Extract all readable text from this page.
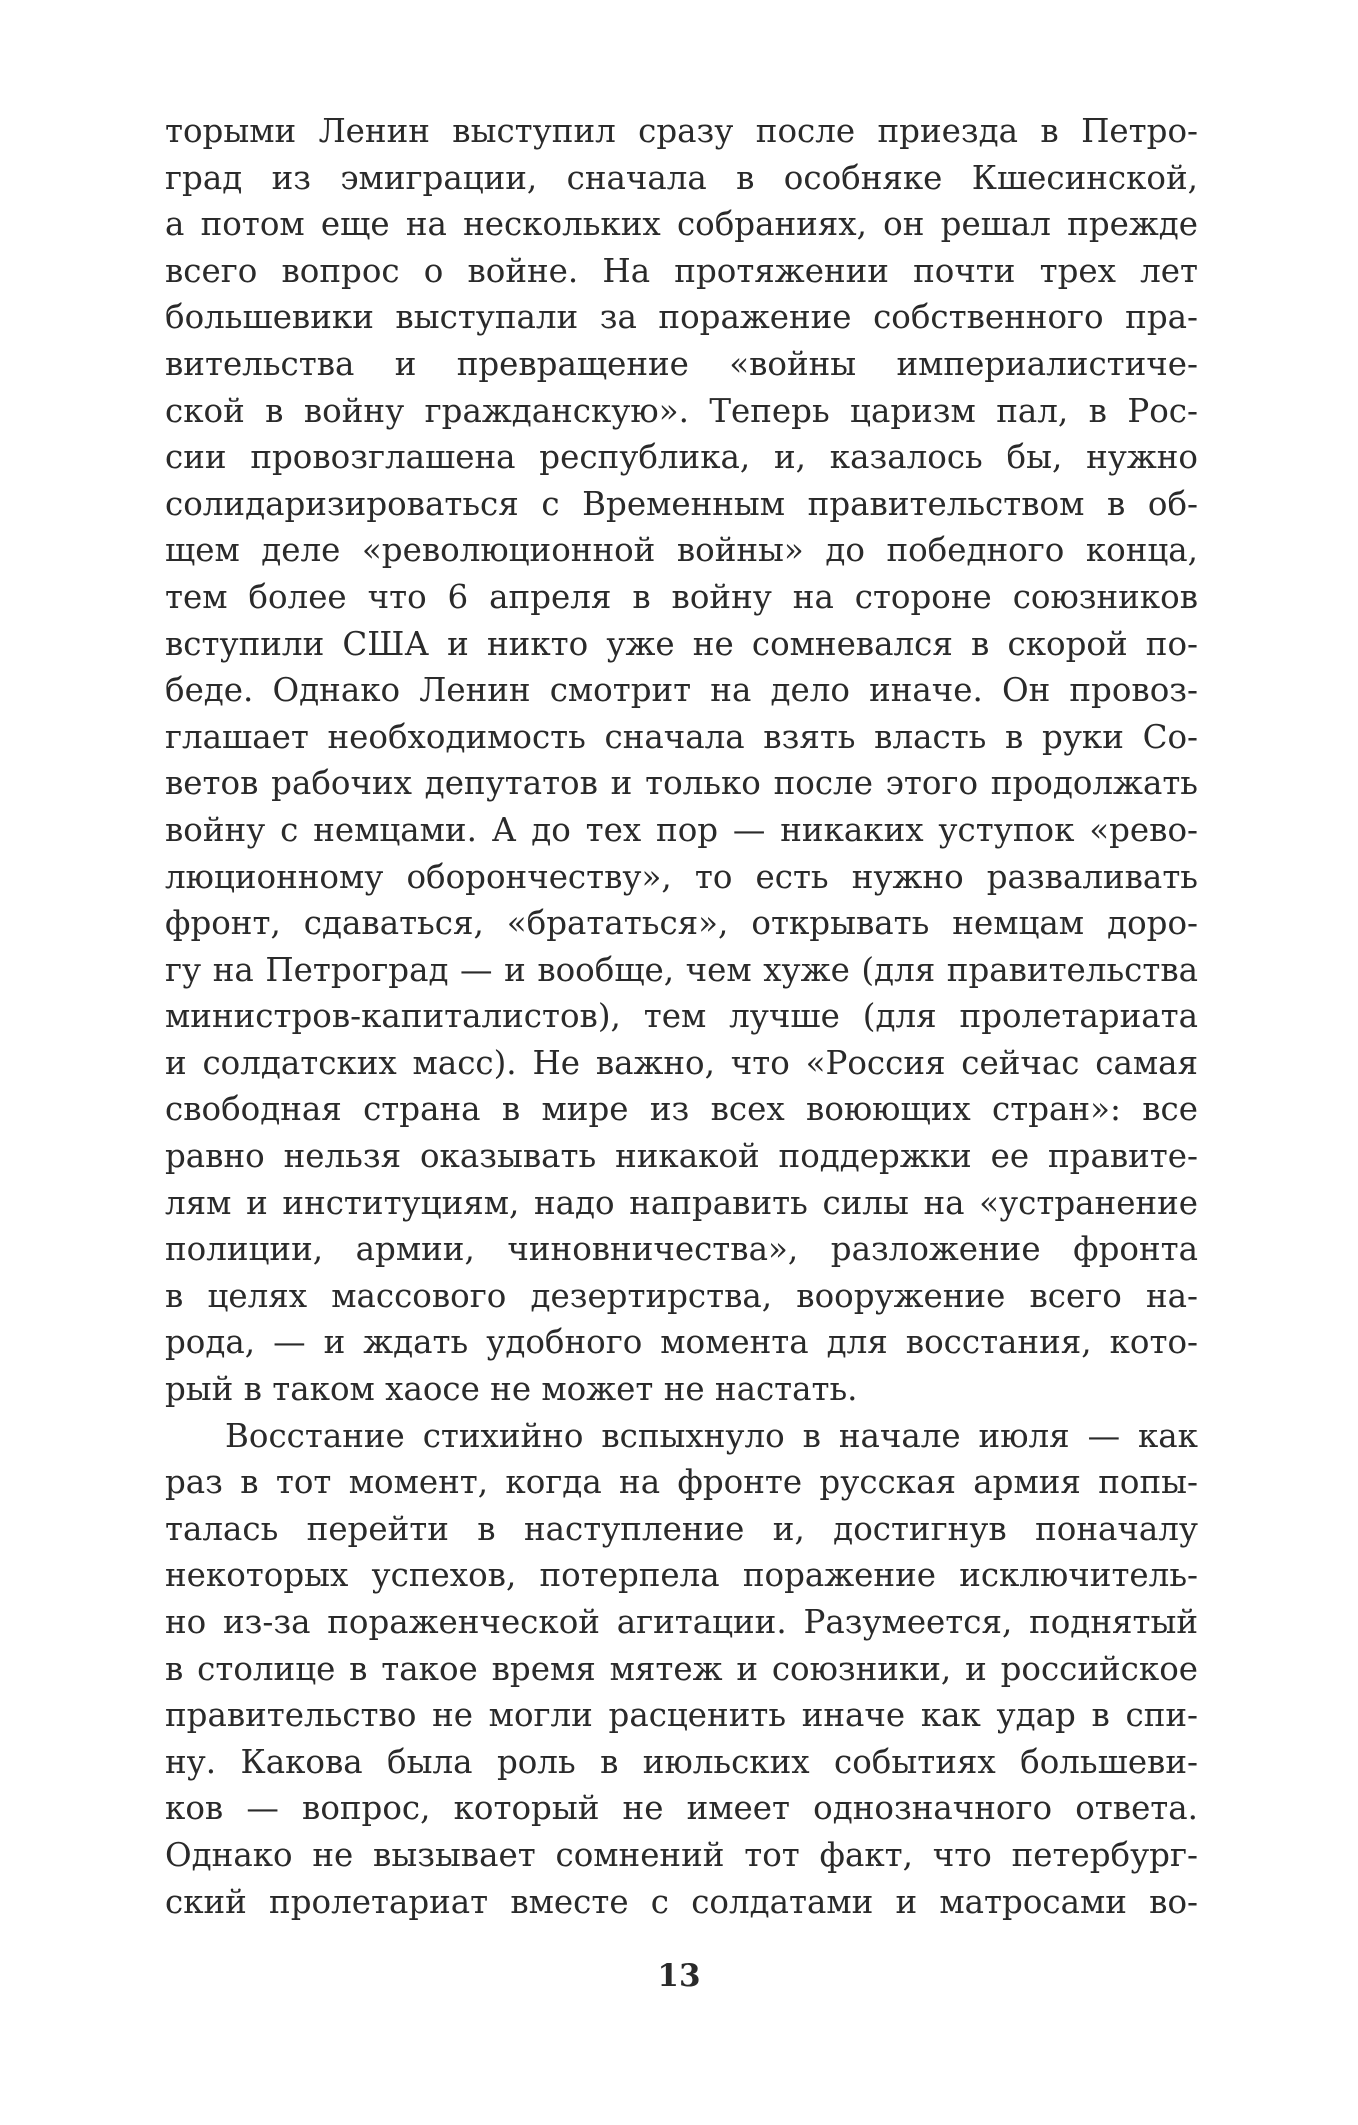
торыми Ленин выступил сразу после приезда в Петро-
град из эмиграции, сначала в особняке Кшесинской,
а потом еще на нескольких собраниях, он решал прежде
всего вопрос о войне. На протяжении почти трех лет
большевики выступали за поражение собственного пра-
вительства и превращение «войны империалистиче-
ской в войну гражданскую». Теперь царизм пал, в Рос-
сии провозглашена республика, и, казалось бы, нужно
солидаризироваться с Временным правительством в об-
щем деле «революционной войны» до победного конца,
тем более что 6 апреля в войну на стороне союзников
вступили США и никто уже не сомневался в скорой по-
беде. Однако Ленин смотрит на дело иначе. Он провоз-
глашает необходимость сначала взять власть в руки Со-
ветов рабочих депутатов и только после этого продолжать
войну с немцами. А до тех пор — никаких уступок «рево-
люционному оборончеству», то есть нужно разваливать
фронт, сдаваться, «брататься», открывать немцам доро-
гу на Петроград — и вообще, чем хуже (для правительства
министров-капиталистов), тем лучше (для пролетариата
и солдатских масс). Не важно, что «Россия сейчас самая
свободная страна в мире из всех воюющих стран»: все
равно нельзя оказывать никакой поддержки ее правите-
лям и институциям, надо направить силы на «устранение
полиции, армии, чиновничества», разложение фронта
в целях массового дезертирства, вооружение всего на-
рода, — и ждать удобного момента для восстания, кото-
рый в таком хаосе не может не настать.
Восстание стихийно вспыхнуло в начале июля — как
раз в тот момент, когда на фронте русская армия попы-
талась перейти в наступление и, достигнув поначалу
некоторых успехов, потерпела поражение исключитель-
но из-за пораженческой агитации. Разумеется, поднятый
в столице в такое время мятеж и союзники, и российское
правительство не могли расценить иначе как удар в спи-
ну. Какова была роль в июльских событиях большеви-
ков — вопрос, который не имеет однозначного ответа.
Однако не вызывает сомнений тот факт, что петербург-
ский пролетариат вместе с солдатами и матросами во-
13
